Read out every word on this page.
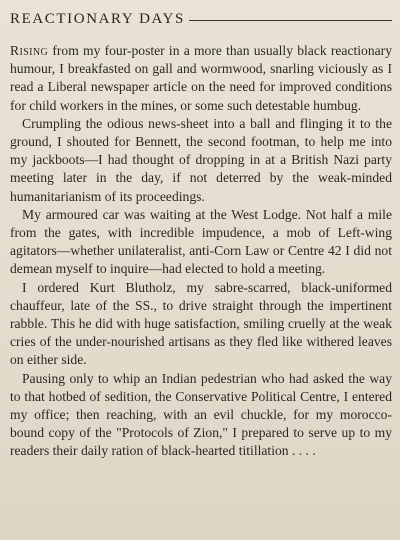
REACTIONARY DAYS

Rising from my four-poster in a more than usually black reactionary humour, I breakfasted on gall and wormwood, snarling viciously as I read a Liberal newspaper article on the need for improved conditions for child workers in the mines, or some such detestable humbug.

Crumpling the odious news-sheet into a ball and flinging it to the ground, I shouted for Bennett, the second footman, to help me into my jackboots—I had thought of dropping in at a British Nazi party meeting later in the day, if not deterred by the weak-minded humanitarianism of its proceedings.

My armoured car was waiting at the West Lodge. Not half a mile from the gates, with incredible impudence, a mob of Left-wing agitators—whether unilateralist, anti-Corn Law or Centre 42 I did not demean myself to inquire—had elected to hold a meeting.

I ordered Kurt Blutholz, my sabre-scarred, black-uniformed chauffeur, late of the SS., to drive straight through the impertinent rabble. This he did with huge satisfaction, smiling cruelly at the weak cries of the under-nourished artisans as they fled like withered leaves on either side.

Pausing only to whip an Indian pedestrian who had asked the way to that hotbed of sedition, the Conservative Political Centre, I entered my office; then reaching, with an evil chuckle, for my morocco-bound copy of the "Protocols of Zion," I prepared to serve up to my readers their daily ration of black-hearted titillation . . . .
